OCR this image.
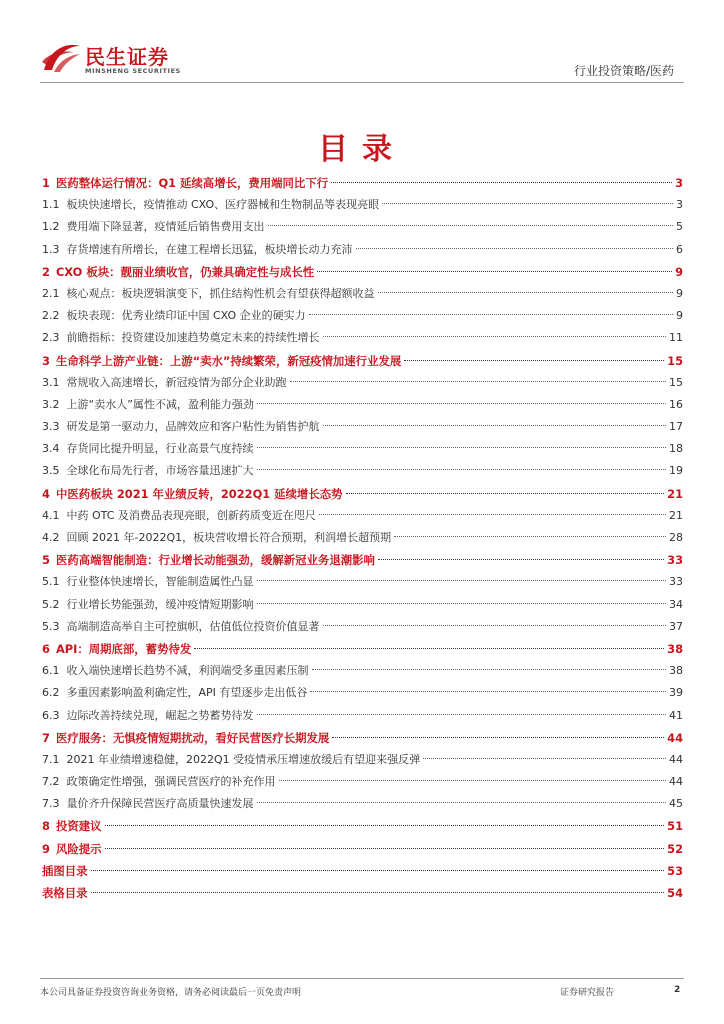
民生证券
MINSHENG SECURITIES	行业投资策略/医药
目录
1 医药整体运行情况：Q1 延续高增长，费用端同比下行	3
1.1 板块快速增长，疫情推动 CXO、医疗器械和生物制品等表现亮眼	3
1.2 费用端下降显著，疫情延后销售费用支出	5
1.3 存货增速有所增长，在建工程增长迅猛，板块增长动力充沛	6
2 CXO 板块：靓丽业绩收官，仍兼具确定性与成长性	9
2.1 核心观点：板块逻辑演变下，抓住结构性机会有望获得超额收益	9
2.2 板块表现：优秀业绩印证中国 CXO 企业的硬实力	9
2.3 前瞻指标：投资建设加速趋势奠定未来的持续性增长	11
3 生命科学上游产业链：上游“卖水”持续繁荣，新冠疫情加速行业发展	15
3.1 常规收入高速增长，新冠疫情为部分企业助跑	15
3.2 上游“卖水人”属性不减，盈利能力强劲	16
3.3 研发是第一驱动力，品牌效应和客户粘性为销售护航	17
3.4 存货同比提升明显，行业高景气度持续	18
3.5 全球化布局先行者，市场容量迅速扩大	19
4 中医药板块 2021 年业绩反转，2022Q1 延续增长态势	21
4.1 中药 OTC 及消费品表现亮眼，创新药质变近在咫尺	21
4.2 回顾 2021 年-2022Q1，板块营收增长符合预期，利润增长超预期	28
5 医药高端智能制造：行业增长动能强劲，缓解新冠业务退潮影响	33
5.1 行业整体快速增长，智能制造属性凸显	33
5.2 行业增长势能强劲，缓冲疫情短期影响	34
5.3 高端制造高举自主可控旗帜，估值低位投资价值显著	37
6 API：周期底部，蓄势待发	38
6.1 收入端快速增长趋势不减，利润端受多重因素压制	38
6.2 多重因素影响盈利确定性，API 有望逐步走出低谷	39
6.3 边际改善持续兑现，崛起之势蓄势待发	41
7 医疗服务：无惧疫情短期扰动，看好民营医疗长期发展	44
7.1 2021 年业绩增速稳健，2022Q1 受疫情承压增速放缓后有望迎来强反弹	44
7.2 政策确定性增强，强调民营医疗的补充作用	44
7.3 量价齐升保障民营医疗高质量快速发展	45
8 投资建议	51
9 风险提示	52
插图目录	53
表格目录	54
本公司具备证券投资咨询业务资格，请务必阅读最后一页免责声明	证券研究报告	2
